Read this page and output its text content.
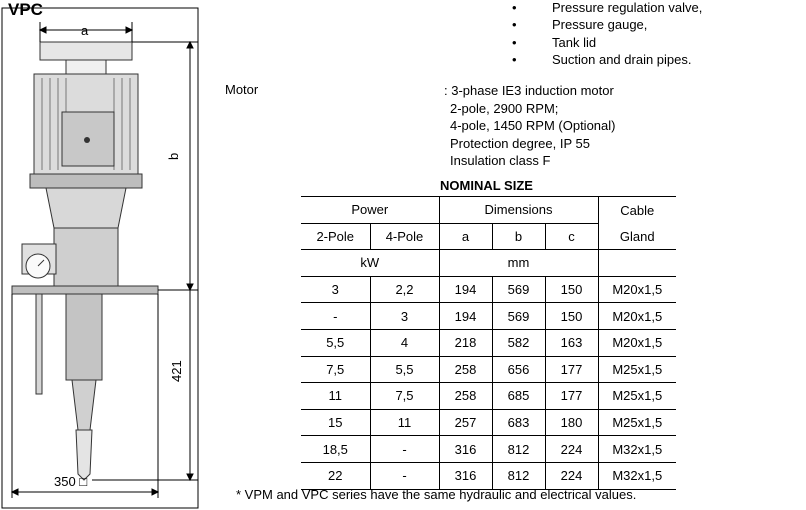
VPC	•	Pressure regulation valve,
•	Pressure gauge,
•	Tank lid
•	Suction and drain pipes.
Motor	: 3-phase IE3 induction motor
2-pole, 2900 RPM;
4-pole, 1450 RPM (Optional)
Protection degree, IP 55
Insulation class F
a
b
421
350 □
NOMINAL SIZE
Power		Dimensions			Cable
2-Pole	4-Pole	a	b	c	Gland
kW		mm			
3	2,2	194	569	150	M20x1,5
-	3	194	569	150	M20x1,5
5,5	4	218	582	163	M20x1,5
7,5	5,5	258	656	177	M25x1,5
11	7,5	258	685	177	M25x1,5
15	11	257	683	180	M25x1,5
18,5	-	316	812	224	M32x1,5
22	-	316	812	224	M32x1,5
* VPM and VPC series have the same hydraulic and electrical values.
